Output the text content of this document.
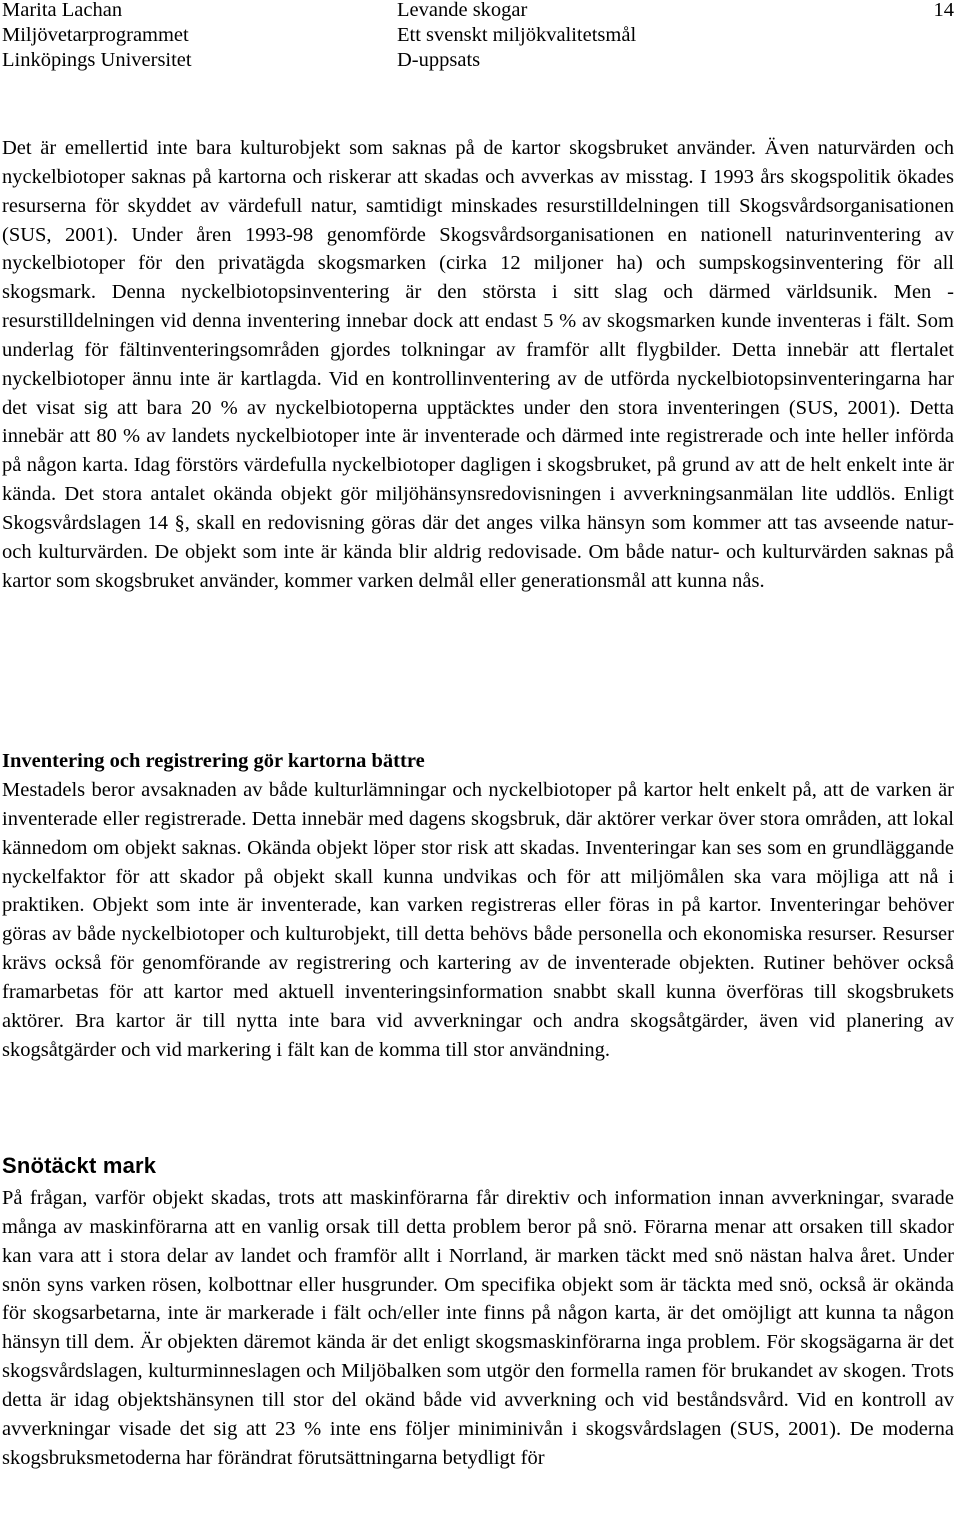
Marita Lachan
Miljövetarprogrammet
Linköpings Universitet
Levande skogar
Ett svenskt miljökvalitetsmål
D-uppsats
14

Det är emellertid inte bara kulturobjekt som saknas på de kartor skogsbruket använder. Även naturvärden och nyckelbiotoper saknas på kartorna och riskerar att skadas och avverkas av misstag. I 1993 års skogspolitik ökades resurserna för skyddet av värdefull natur, samtidigt minskades resurstilldelningen till Skogsvårdsorganisationen (SUS, 2001). Under åren 1993-98 genomförde Skogsvårdsorganisationen en nationell naturinventering av nyckelbiotoper för den privatägda skogsmarken (cirka 12 miljoner ha) och sumpskogsinventering för all skogsmark. Denna nyckelbiotopsinventering är den största i sitt slag och därmed världsunik. Men - resurstilldelningen vid denna inventering innebar dock att endast 5 % av skogsmarken kunde inventeras i fält. Som underlag för fältinventeringsområden gjordes tolkningar av framför allt flygbilder. Detta innebär att flertalet nyckelbiotoper ännu inte är kartlagda. Vid en kontrollinventering av de utförda nyckelbiotopsinventeringarna har det visat sig att bara 20 % av nyckelbiotoperna upptäcktes under den stora inventeringen (SUS, 2001). Detta innebär att 80 % av landets nyckelbiotoper inte är inventerade och därmed inte registrerade och inte heller införda på någon karta. Idag förstörs värdefulla nyckelbiotoper dagligen i skogsbruket, på grund av att de helt enkelt inte är kända. Det stora antalet okända objekt gör miljöhänsynsredovisningen i avverkningsanmälan lite uddlös. Enligt Skogsvårdslagen 14 §, skall en redovisning göras där det anges vilka hänsyn som kommer att tas avseende natur- och kulturvärden. De objekt som inte är kända blir aldrig redovisade. Om både natur- och kulturvärden saknas på kartor som skogsbruket använder, kommer varken delmål eller generationsmål att kunna nås.

Inventering och registrering gör kartorna bättre

Mestadels beror avsaknaden av både kulturlämningar och nyckelbiotoper på kartor helt enkelt på, att de varken är inventerade eller registrerade. Detta innebär med dagens skogsbruk, där aktörer verkar över stora områden, att lokal kännedom om objekt saknas. Okända objekt löper stor risk att skadas. Inventeringar kan ses som en grundläggande nyckelfaktor för att skador på objekt skall kunna undvikas och för att miljömålen ska vara möjliga att nå i praktiken. Objekt som inte är inventerade, kan varken registreras eller föras in på kartor. Inventeringar behöver göras av både nyckelbiotoper och kulturobjekt, till detta behövs både personella och ekonomiska resurser. Resurser krävs också för genomförande av registrering och kartering av de inventerade objekten. Rutiner behöver också framarbetas för att kartor med aktuell inventeringsinformation snabbt skall kunna överföras till skogsbrukets aktörer. Bra kartor är till nytta inte bara vid avverkningar och andra skogsåtgärder, även vid planering av skogsåtgärder och vid markering i fält kan de komma till stor användning.

Snötäckt mark

På frågan, varför objekt skadas, trots att maskinförarna får direktiv och information innan avverkningar, svarade många av maskinförarna att en vanlig orsak till detta problem beror på snö. Förarna menar att orsaken till skador kan vara att i stora delar av landet och framför allt i Norrland, är marken täckt med snö nästan halva året. Under snön syns varken rösen, kolbottnar eller husgrunder. Om specifika objekt som är täckta med snö, också är okända för skogsarbetarna, inte är markerade i fält och/eller inte finns på någon karta, är det omöjligt att kunna ta någon hänsyn till dem. Är objekten däremot kända är det enligt skogsmaskinförarna inga problem. För skogsägarna är det skogsvårdslagen, kulturminneslagen och Miljöbalken som utgör den formella ramen för brukandet av skogen. Trots detta är idag objektshänsynen till stor del okänd både vid avverkning och vid beståndsvård. Vid en kontroll av avverkningar visade det sig att 23 % inte ens följer miniminivån i skogsvårdslagen (SUS, 2001). De moderna skogsbruksmetoderna har förändrat förutsättningarna betydligt för
